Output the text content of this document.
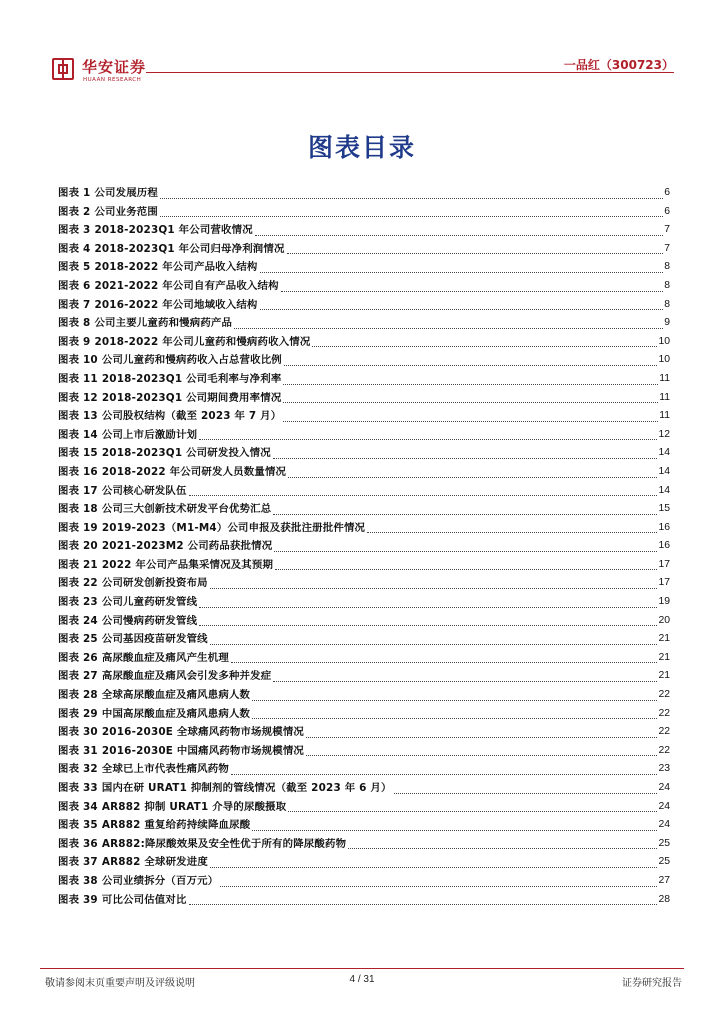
华安证券
HUAAN RESEARCH
一品红（300723）
图表目录
图表 1 公司发展历程	6
图表 2 公司业务范围	6
图表 3 2018-2023Q1 年公司营收情况	7
图表 4 2018-2023Q1 年公司归母净利润情况	7
图表 5 2018-2022 年公司产品收入结构	8
图表 6 2021-2022 年公司自有产品收入结构	8
图表 7 2016-2022 年公司地域收入结构	8
图表 8 公司主要儿童药和慢病药产品	9
图表 9 2018-2022 年公司儿童药和慢病药收入情况	10
图表 10 公司儿童药和慢病药收入占总营收比例	10
图表 11 2018-2023Q1 公司毛利率与净利率	11
图表 12 2018-2023Q1 公司期间费用率情况	11
图表 13 公司股权结构（截至 2023 年 7 月）	11
图表 14 公司上市后激励计划	12
图表 15 2018-2023Q1 公司研发投入情况	14
图表 16 2018-2022 年公司研发人员数量情况	14
图表 17 公司核心研发队伍	14
图表 18 公司三大创新技术研发平台优势汇总	15
图表 19 2019-2023（M1-M4）公司申报及获批注册批件情况	16
图表 20 2021-2023M2 公司药品获批情况	16
图表 21 2022 年公司产品集采情况及其预期	17
图表 22 公司研发创新投资布局	17
图表 23 公司儿童药研发管线	19
图表 24 公司慢病药研发管线	20
图表 25 公司基因疫苗研发管线	21
图表 26 高尿酸血症及痛风产生机理	21
图表 27 高尿酸血症及痛风会引发多种并发症	21
图表 28 全球高尿酸血症及痛风患病人数	22
图表 29 中国高尿酸血症及痛风患病人数	22
图表 30 2016-2030E 全球痛风药物市场规模情况	22
图表 31 2016-2030E 中国痛风药物市场规模情况	22
图表 32 全球已上市代表性痛风药物	23
图表 33 国内在研 URAT1 抑制剂的管线情况（截至 2023 年 6 月）	24
图表 34 AR882 抑制 URAT1 介导的尿酸摄取	24
图表 35 AR882 重复给药持续降血尿酸	24
图表 36 AR882:降尿酸效果及安全性优于所有的降尿酸药物	25
图表 37 AR882 全球研发进度	25
图表 38 公司业绩拆分（百万元）	27
图表 39 可比公司估值对比	28
敬请参阅末页重要声明及评级说明	4 / 31	证券研究报告
